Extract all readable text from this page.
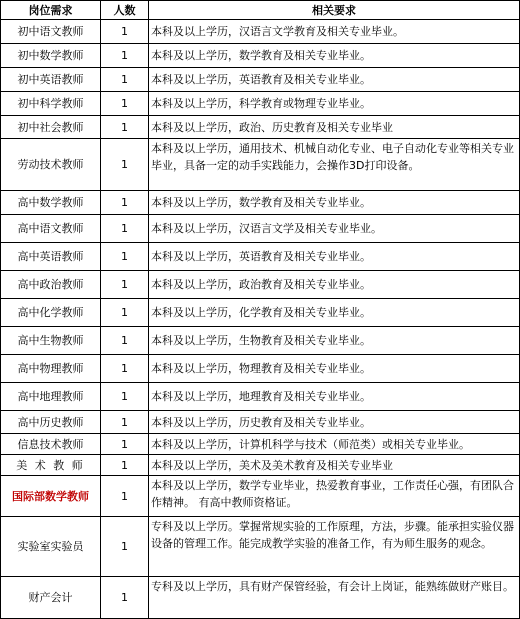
岗位需求	人数	相关要求
初中语文教师	1	本科及以上学历，汉语言文学教育及相关专业毕业。
初中数学教师	1	本科及以上学历，数学教育及相关专业毕业。
初中英语教师	1	本科及以上学历，英语教育及相关专业毕业。
初中科学教师	1	本科及以上学历，科学教育或物理专业毕业。
初中社会教师	1	本科及以上学历，政治、历史教育及相关专业毕业
劳动技术教师	1	本科及以上学历，通用技术、机械自动化专业、电子自动化专业等相关专业毕业，具备一定的动手实践能力，会操作3D打印设备。
高中数学教师	1	本科及以上学历，数学教育及相关专业毕业。
高中语文教师	1	本科及以上学历，汉语言文学及相关专业毕业。
高中英语教师	1	本科及以上学历，英语教育及相关专业毕业。
高中政治教师	1	本科及以上学历，政治教育及相关专业毕业。
高中化学教师	1	本科及以上学历，化学教育及相关专业毕业。
高中生物教师	1	本科及以上学历，生物教育及相关专业毕业。
高中物理教师	1	本科及以上学历，物理教育及相关专业毕业。
高中地理教师	1	本科及以上学历，地理教育及相关专业毕业。
高中历史教师	1	本科及以上学历，历史教育及相关专业毕业。
信息技术教师	1	本科及以上学历，计算机科学与技术（师范类）或相关专业毕业。
美 术 教 师	1	本科及以上学历，美术及美术教育及相关专业毕业
国际部数学教师	1	本科及以上学历，数学专业毕业，热爱教育事业，工作责任心强，有团队合作精神。 有高中教师资格证。
实验室实验员	1	专科及以上学历。掌握常规实验的工作原理，方法，步骤。能承担实验仪器设备的管理工作。能完成教学实验的准备工作，有为师生服务的观念。
财产会计	1	专科及以上学历，具有财产保管经验，有会计上岗证，能熟练做财产账目。
